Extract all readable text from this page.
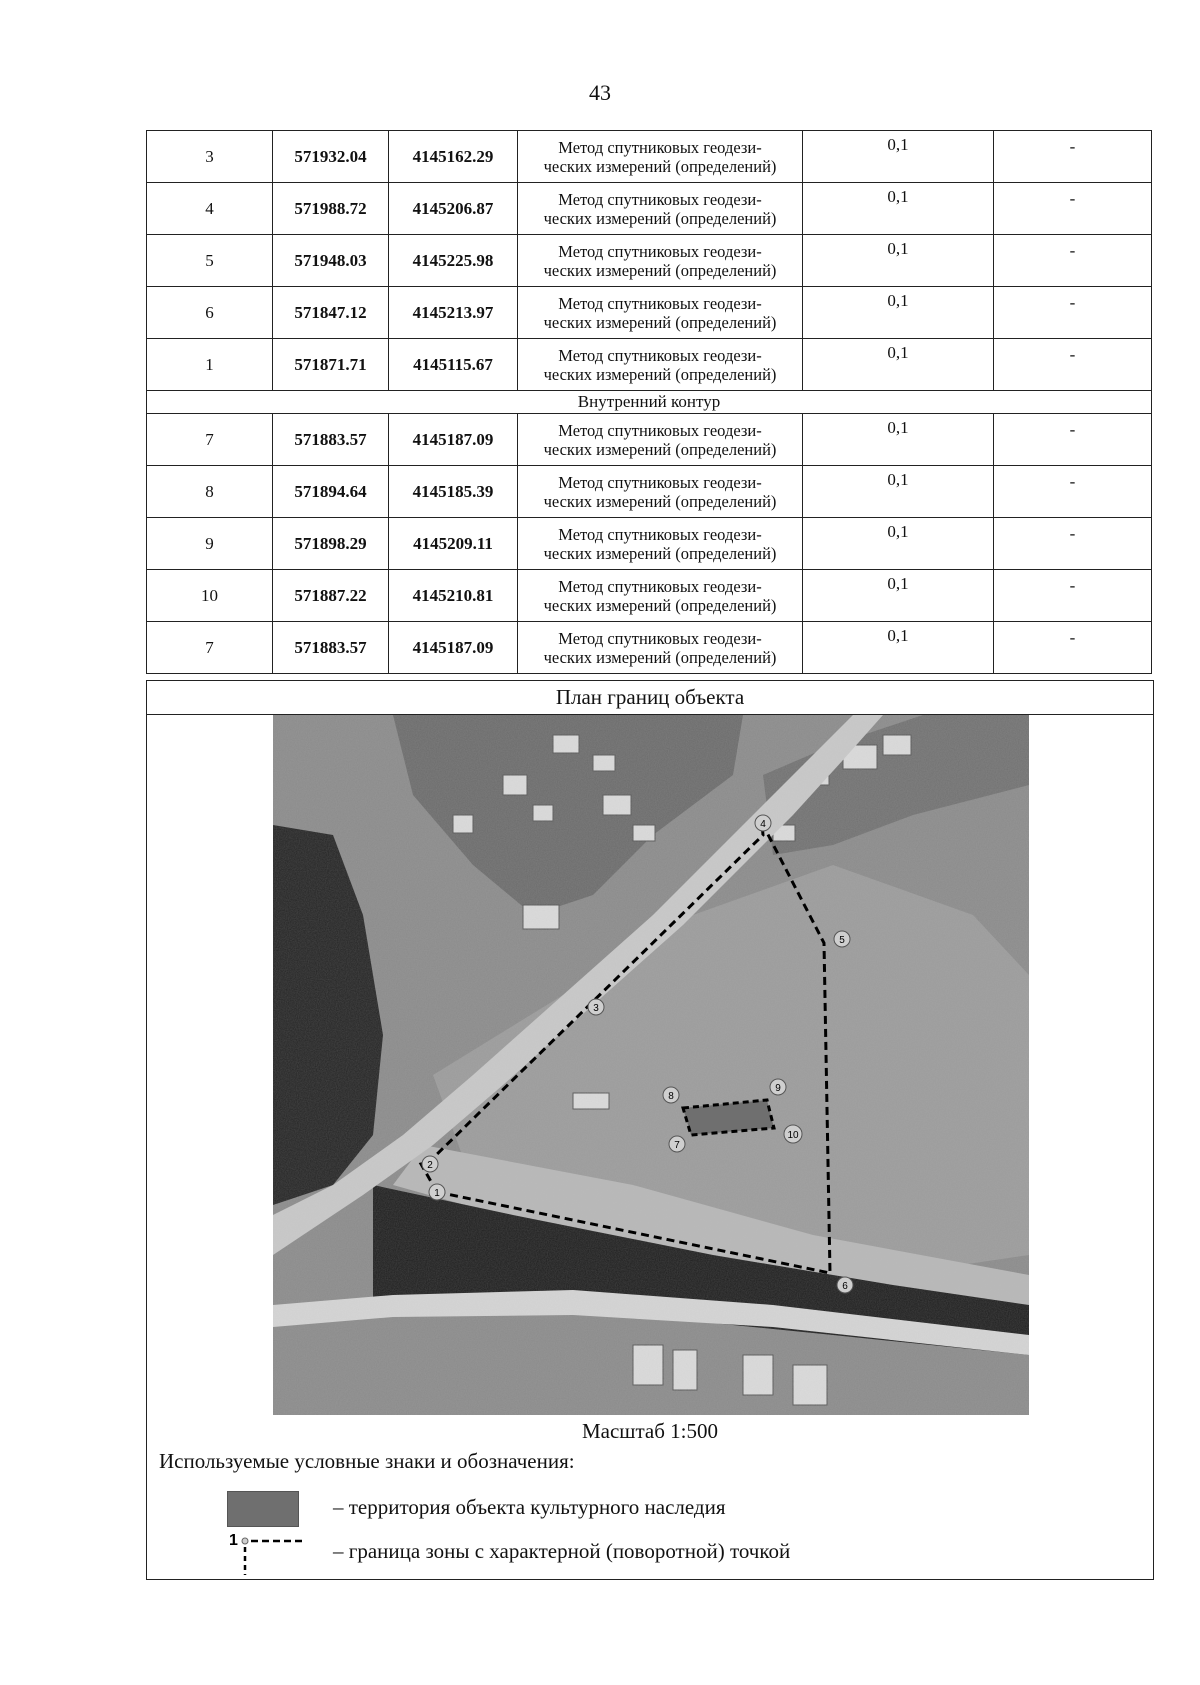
43
3	571932.04	4145162.29	Метод спутниковых геодези-
ческих измерений (определений)	0,1	-
4	571988.72	4145206.87	Метод спутниковых геодези-
ческих измерений (определений)	0,1	-
5	571948.03	4145225.98	Метод спутниковых геодези-
ческих измерений (определений)	0,1	-
6	571847.12	4145213.97	Метод спутниковых геодези-
ческих измерений (определений)	0,1	-
1	571871.71	4145115.67	Метод спутниковых геодези-
ческих измерений (определений)	0,1	-
Внутренний контур					
7	571883.57	4145187.09	Метод спутниковых геодези-
ческих измерений (определений)	0,1	-
8	571894.64	4145185.39	Метод спутниковых геодези-
ческих измерений (определений)	0,1	-
9	571898.29	4145209.11	Метод спутниковых геодези-
ческих измерений (определений)	0,1	-
10	571887.22	4145210.81	Метод спутниковых геодези-
ческих измерений (определений)	0,1	-
7	571883.57	4145187.09	Метод спутниковых геодези-
ческих измерений (определений)	0,1	-
План границ объекта
1
2
3
4
5
6
7
8
9
10
Масштаб 1:500
Используемые условные знаки и обозначения:
– территория объекта культурного наследия
1	– граница зоны с характерной (поворотной) точкой
